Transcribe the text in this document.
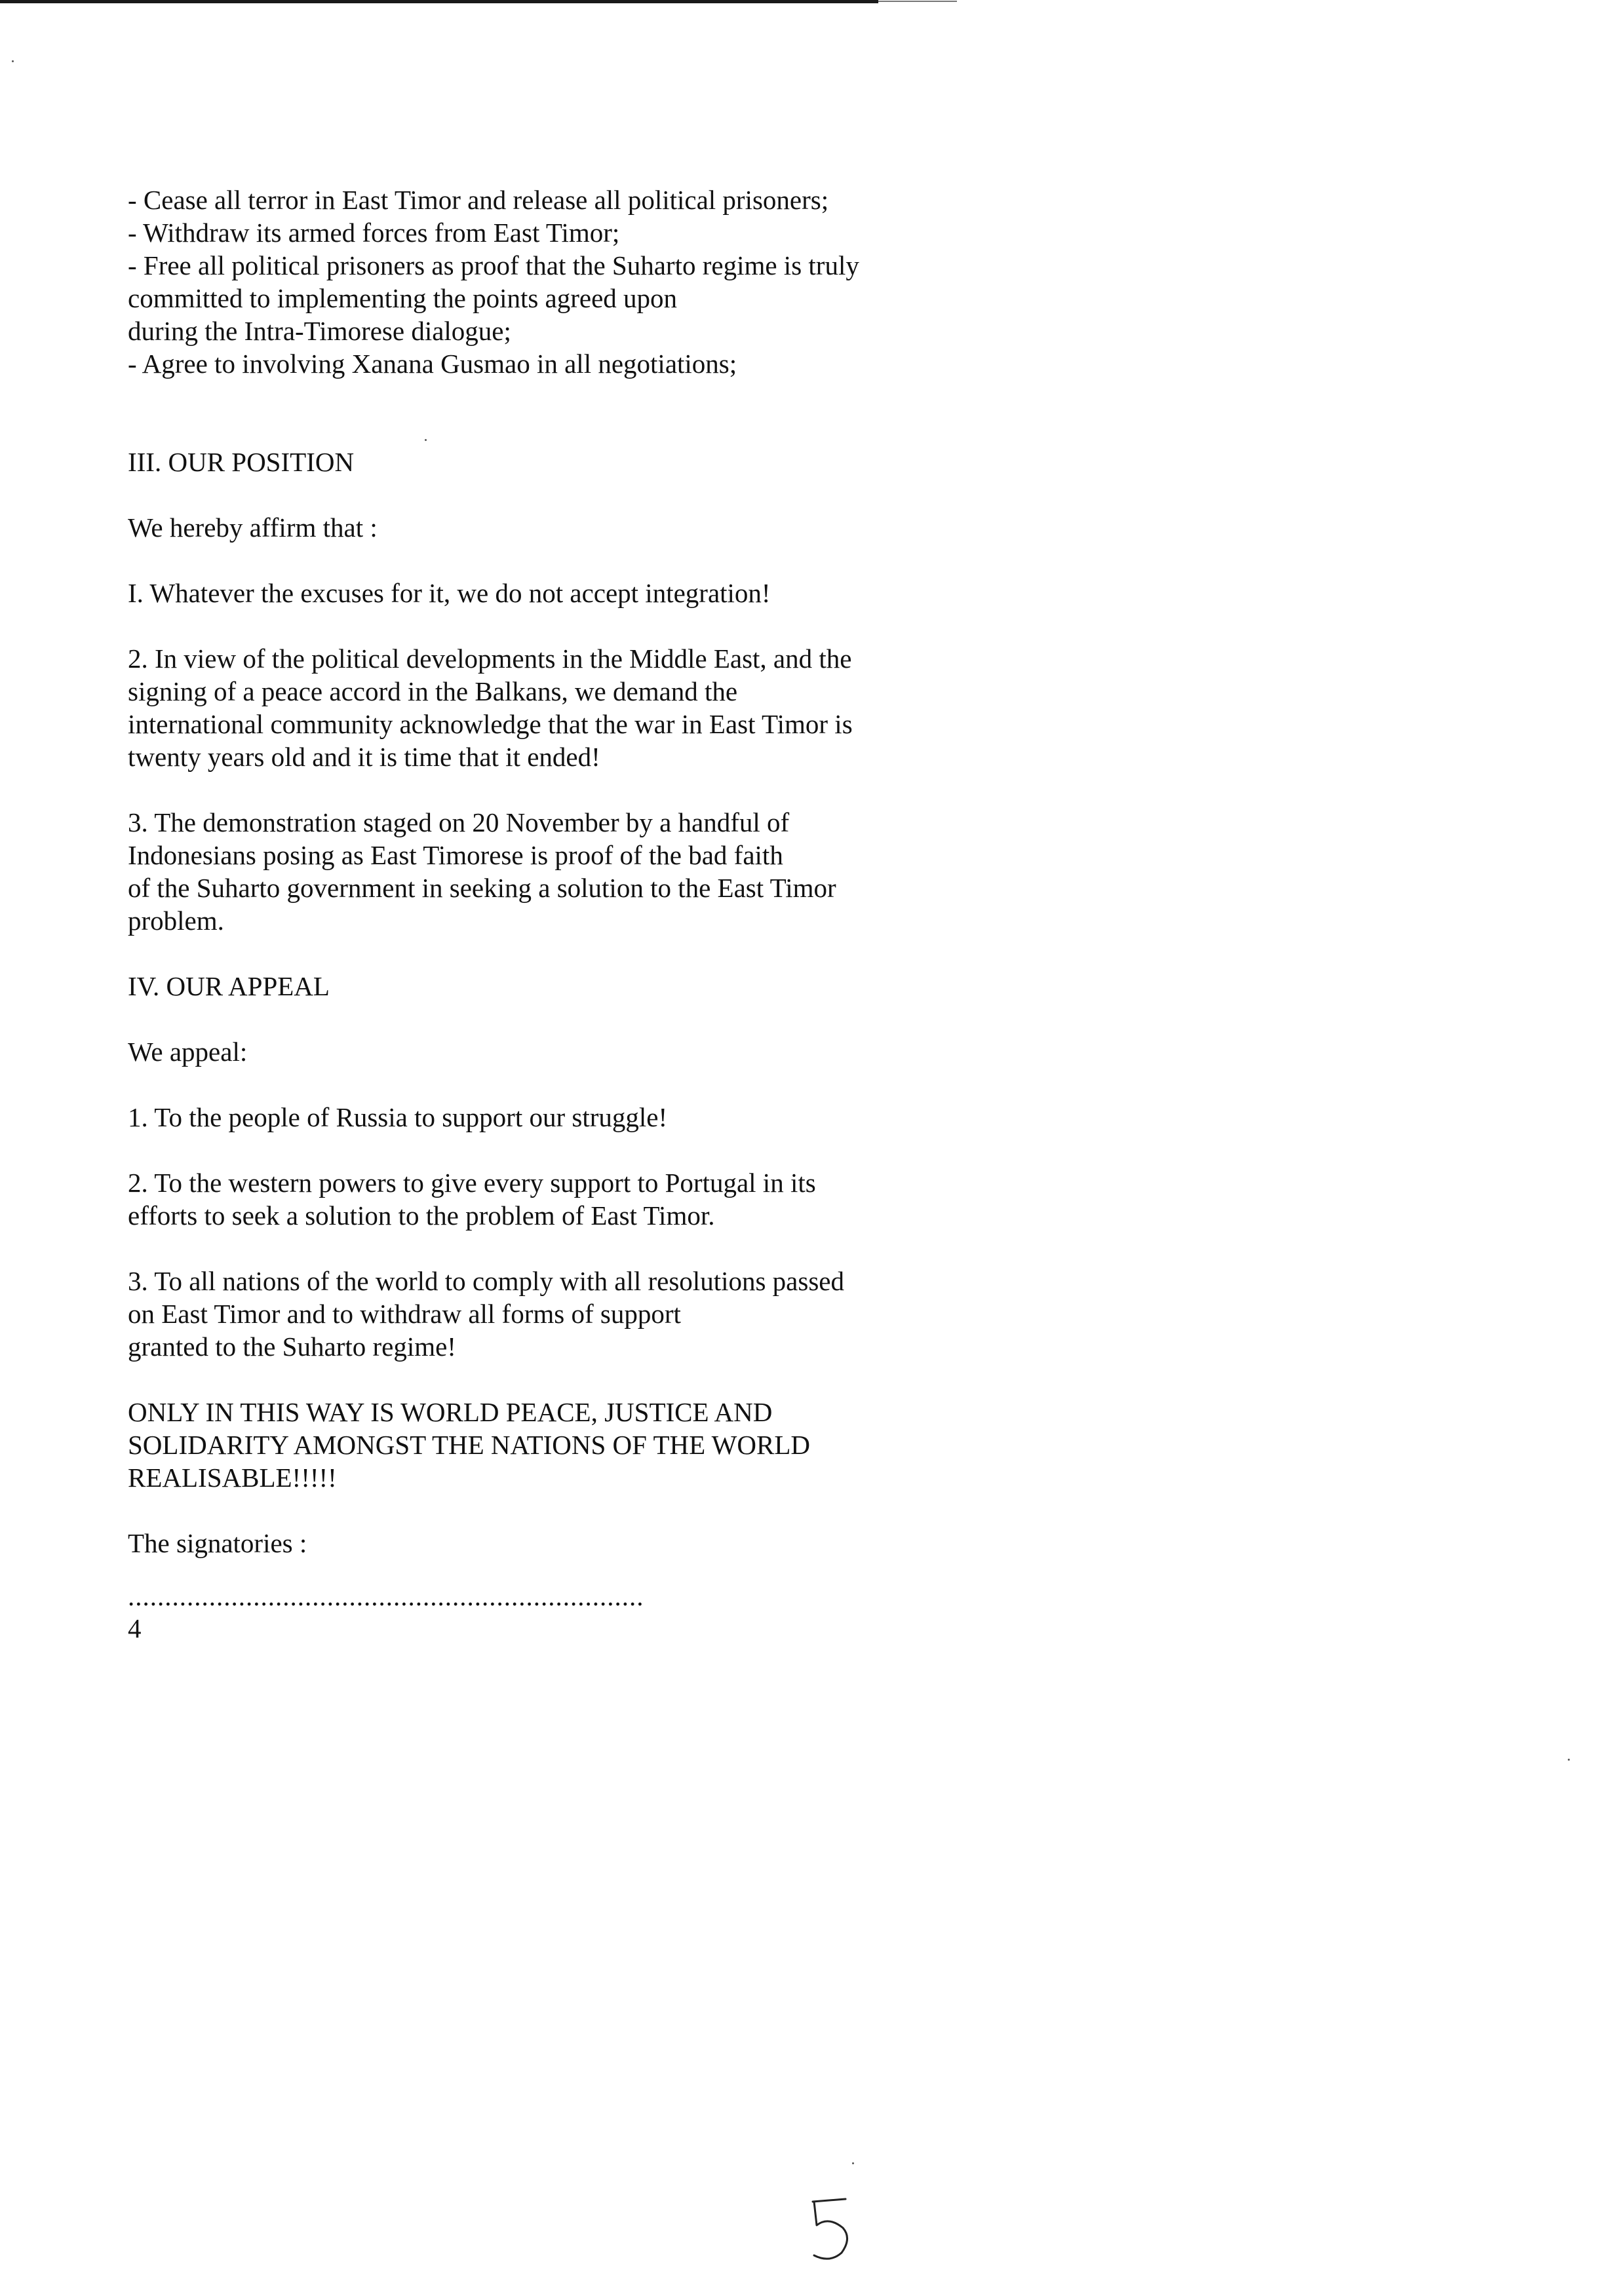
- Cease all terror in East Timor and release all political prisoners;

- Withdraw its armed forces from East Timor;

- Free all political prisoners as proof that the Suharto regime is truly

committed to implementing the points agreed upon

during the Intra-Timorese dialogue;

- Agree to involving Xanana Gusmao in all negotiations;

III. OUR POSITION

We hereby affirm that :

I. Whatever the excuses for it, we do not accept integration!

2. In view of the political developments in the Middle East, and the

signing of a peace accord in the Balkans, we demand the

international community acknowledge that the war in East Timor is

twenty years old and it is time that it ended!

3. The demonstration staged on 20 November by a handful of

Indonesians posing as East Timorese is proof of the bad faith

of the Suharto government in seeking a solution to the East Timor

problem.

IV. OUR APPEAL

We appeal:

1. To the people of Russia to support our struggle!

2. To the western powers to give every support to Portugal in its

efforts to seek a solution to the problem of East Timor.

3. To all nations of the world to comply with all resolutions passed

on East Timor and to withdraw all forms of support

granted to the Suharto regime!

ONLY IN THIS WAY IS WORLD PEACE, JUSTICE AND

SOLIDARITY AMONGST THE NATIONS OF THE WORLD

REALISABLE!!!!!

The signatories :

......................................................................

4
